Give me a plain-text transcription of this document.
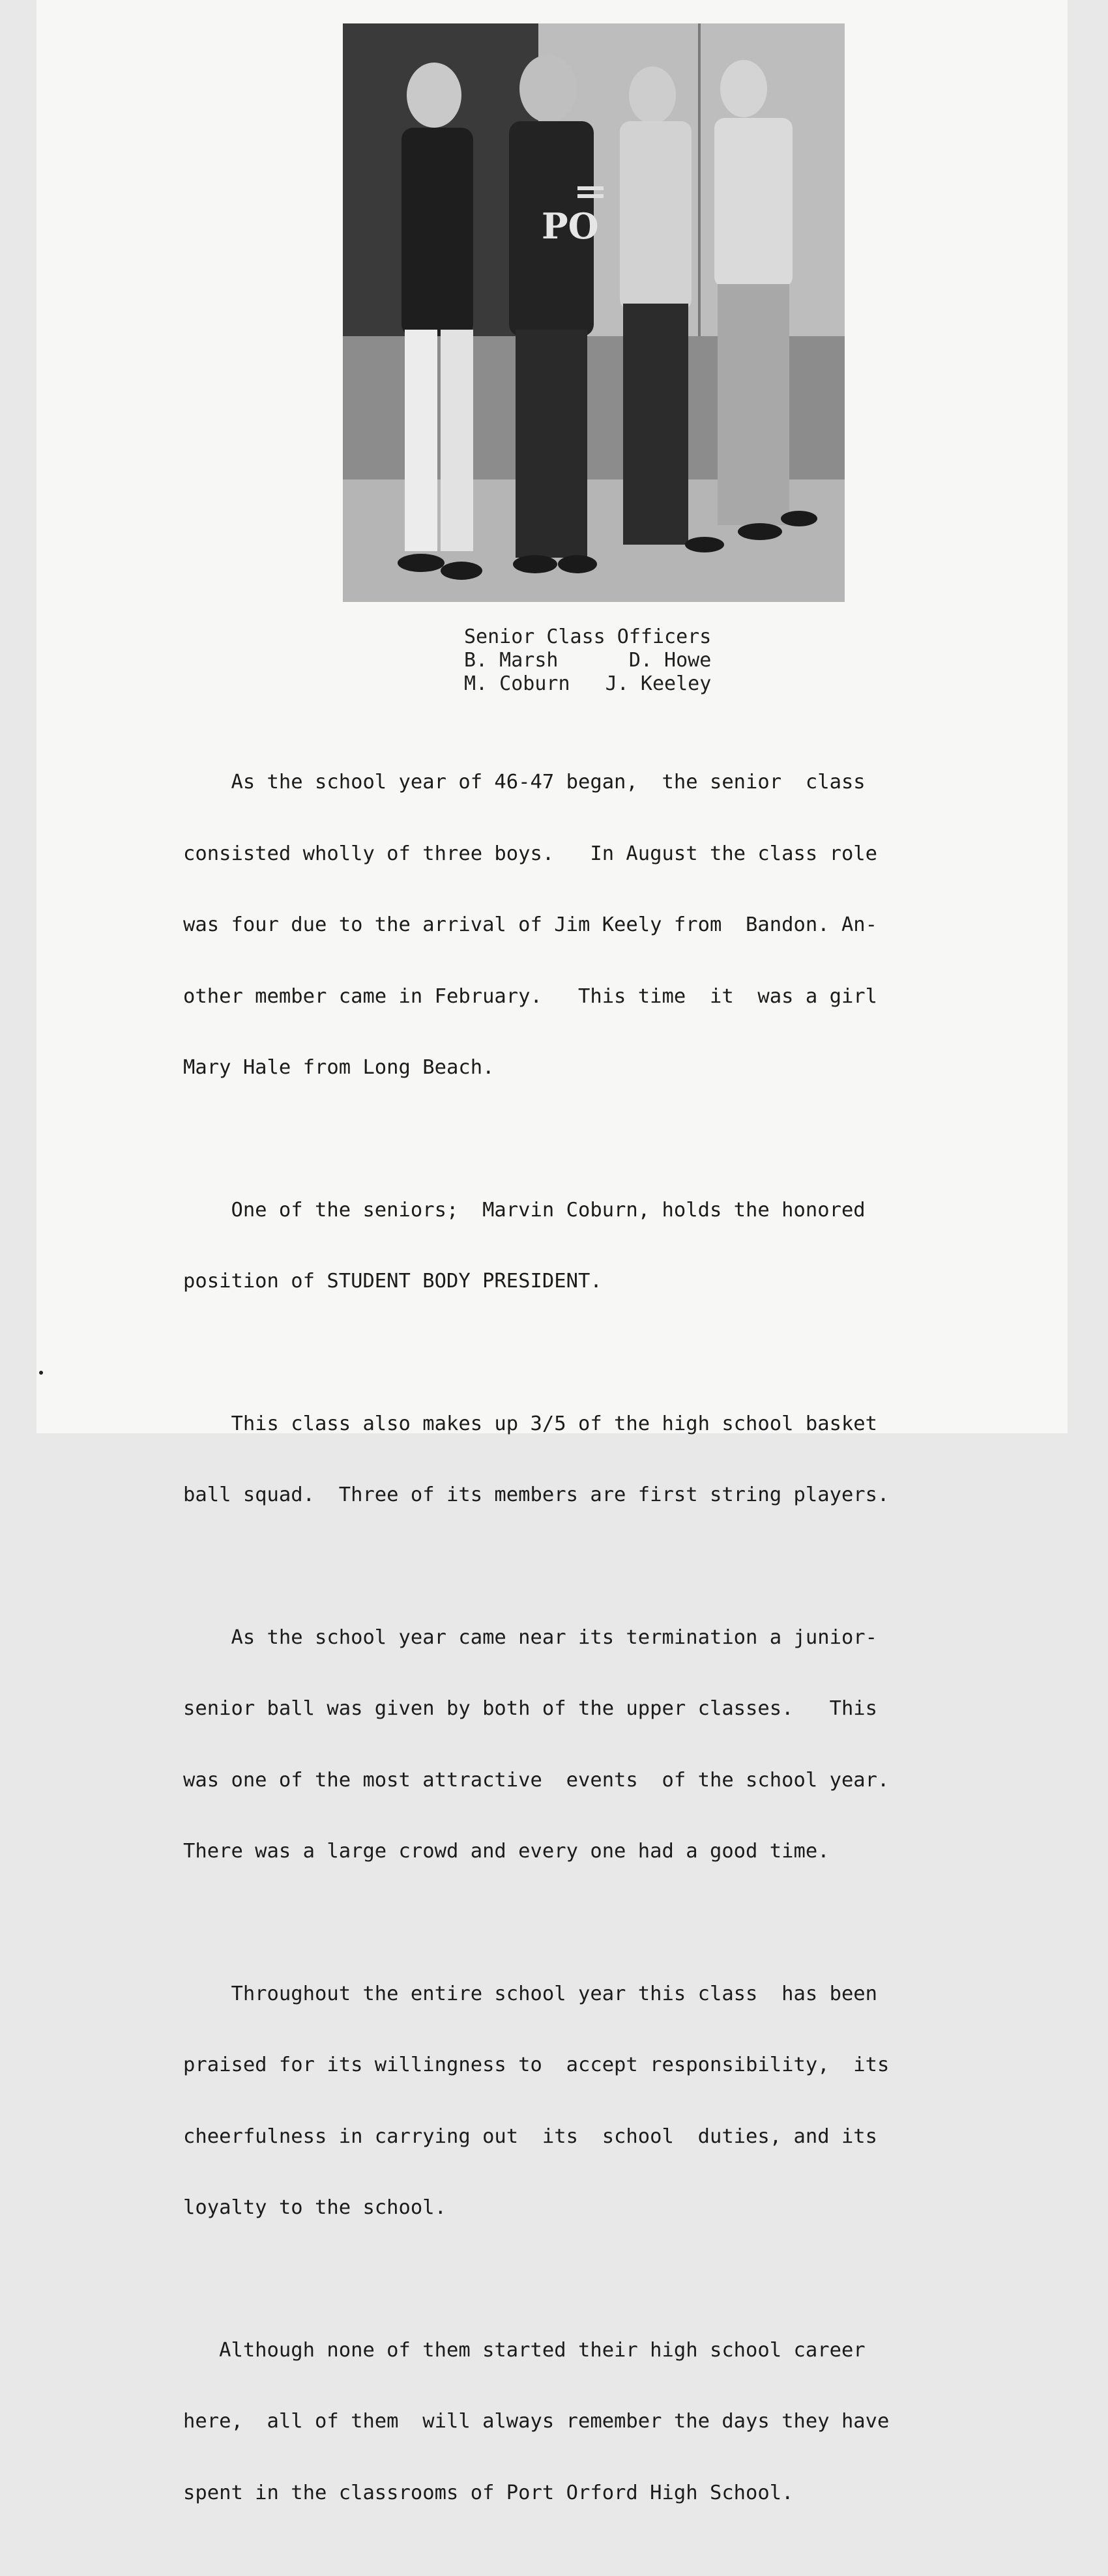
PO
Senior Class Officers
B. Marsh	D. Howe
M. Coburn J. Keeley

As the school year of 46-47 began,  the senior  class

consisted wholly of three boys.   In August the class role

was four due to the arrival of Jim Keely from  Bandon. An-

other member came in February.   This time  it  was a girl

Mary Hale from Long Beach.

One of the seniors;  Marvin Coburn, holds the honored

position of STUDENT BODY PRESIDENT.

This class also makes up 3/5 of the high school basket

ball squad.  Three of its members are first string players.

As the school year came near its termination a junior-

senior ball was given by both of the upper classes.   This

was one of the most attractive  events  of the school year.

There was a large crowd and every one had a good time.

Throughout the entire school year this class  has been

praised for its willingness to  accept responsibility,  its

cheerfulness in carrying out  its  school  duties, and its

loyalty to the school.

Although none of them started their high school career

here,  all of them  will always remember the days they have

spent in the classrooms of Port Orford High School.
